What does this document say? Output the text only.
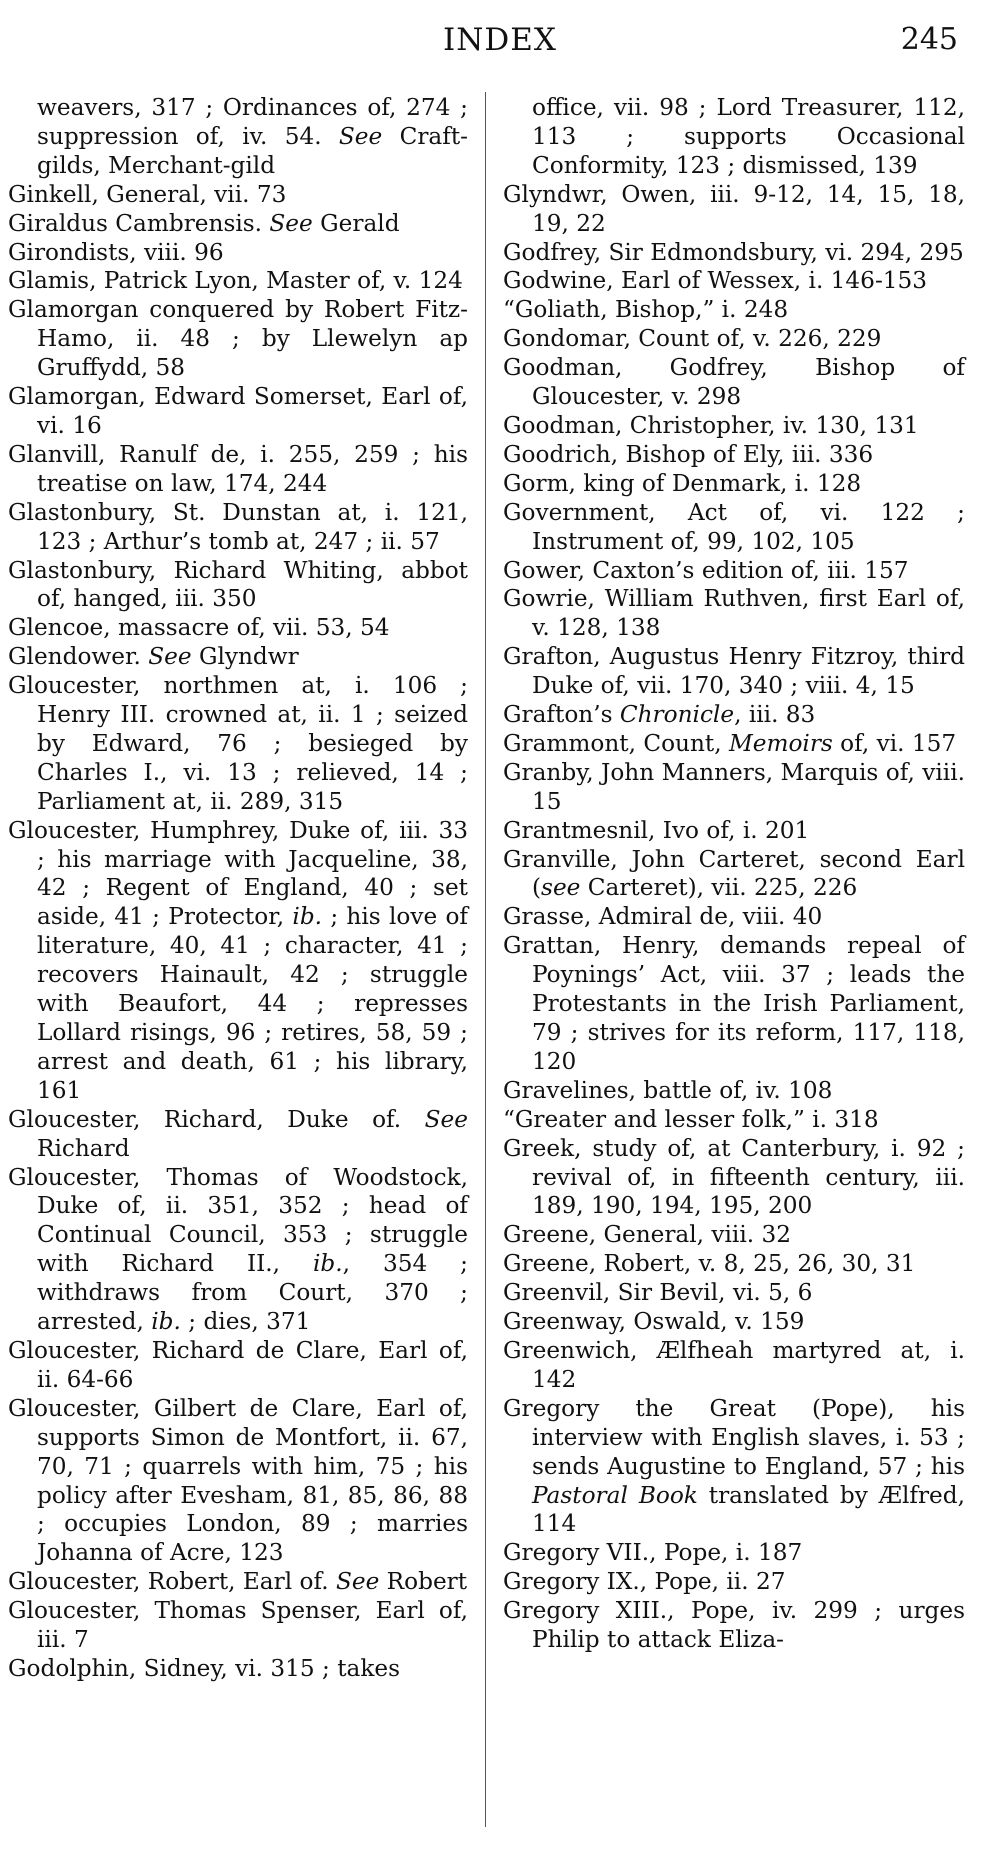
INDEX	245

weavers, 317 ; Ordinances of, 274 ; suppression of, iv. 54. See Craft-gilds, Merchant-gild

Ginkell, General, vii. 73

Giraldus Cambrensis. See Gerald

Girondists, viii. 96

Glamis, Patrick Lyon, Master of, v. 124

Glamorgan conquered by Robert Fitz-Hamo, ii. 48 ; by Llewelyn ap Gruffydd, 58

Glamorgan, Edward Somerset, Earl of, vi. 16

Glanvill, Ranulf de, i. 255, 259 ; his treatise on law, 174, 244

Glastonbury, St. Dunstan at, i. 121, 123 ; Arthur’s tomb at, 247 ; ii. 57

Glastonbury, Richard Whiting, abbot of, hanged, iii. 350

Glencoe, massacre of, vii. 53, 54

Glendower. See Glyndwr

Gloucester, northmen at, i. 106 ; Henry III. crowned at, ii. 1 ; seized by Edward, 76 ; besieged by Charles I., vi. 13 ; relieved, 14 ; Parliament at, ii. 289, 315

Gloucester, Humphrey, Duke of, iii. 33 ; his marriage with Jacqueline, 38, 42 ; Regent of England, 40 ; set aside, 41 ; Protector, ib. ; his love of literature, 40, 41 ; character, 41 ; recovers Hainault, 42 ; struggle with Beaufort, 44 ; represses Lollard risings, 96 ; retires, 58, 59 ; arrest and death, 61 ; his library, 161

Gloucester, Richard, Duke of. See Richard

Gloucester, Thomas of Woodstock, Duke of, ii. 351, 352 ; head of Continual Council, 353 ; struggle with Richard II., ib., 354 ; withdraws from Court, 370 ; arrested, ib. ; dies, 371

Gloucester, Richard de Clare, Earl of, ii. 64-66

Gloucester, Gilbert de Clare, Earl of, supports Simon de Montfort, ii. 67, 70, 71 ; quarrels with him, 75 ; his policy after Evesham, 81, 85, 86, 88 ; occupies London, 89 ; marries Johanna of Acre, 123

Gloucester, Robert, Earl of. See Robert

Gloucester, Thomas Spenser, Earl of, iii. 7

Godolphin, Sidney, vi. 315 ; takes

office, vii. 98 ; Lord Treasurer, 112, 113 ; supports Occasional Conformity, 123 ; dismissed, 139

Glyndwr, Owen, iii. 9-12, 14, 15, 18, 19, 22

Godfrey, Sir Edmondsbury, vi. 294, 295

Godwine, Earl of Wessex, i. 146-153

“Goliath, Bishop,” i. 248

Gondomar, Count of, v. 226, 229

Goodman, Godfrey, Bishop of Gloucester, v. 298

Goodman, Christopher, iv. 130, 131

Goodrich, Bishop of Ely, iii. 336

Gorm, king of Denmark, i. 128

Government, Act of, vi. 122 ; Instrument of, 99, 102, 105

Gower, Caxton’s edition of, iii. 157

Gowrie, William Ruthven, first Earl of, v. 128, 138

Grafton, Augustus Henry Fitzroy, third Duke of, vii. 170, 340 ; viii. 4, 15

Grafton’s Chronicle, iii. 83

Grammont, Count, Memoirs of, vi. 157

Granby, John Manners, Marquis of, viii. 15

Grantmesnil, Ivo of, i. 201

Granville, John Carteret, second Earl (see Carteret), vii. 225, 226

Grasse, Admiral de, viii. 40

Grattan, Henry, demands repeal of Poynings’ Act, viii. 37 ; leads the Protestants in the Irish Parliament, 79 ; strives for its reform, 117, 118, 120

Gravelines, battle of, iv. 108

“Greater and lesser folk,” i. 318

Greek, study of, at Canterbury, i. 92 ; revival of, in fifteenth century, iii. 189, 190, 194, 195, 200

Greene, General, viii. 32

Greene, Robert, v. 8, 25, 26, 30, 31

Greenvil, Sir Bevil, vi. 5, 6

Greenway, Oswald, v. 159

Greenwich, Ælfheah martyred at, i. 142

Gregory the Great (Pope), his interview with English slaves, i. 53 ; sends Augustine to England, 57 ; his Pastoral Book translated by Ælfred, 114

Gregory VII., Pope, i. 187

Gregory IX., Pope, ii. 27

Gregory XIII., Pope, iv. 299 ; urges Philip to attack Eliza-
